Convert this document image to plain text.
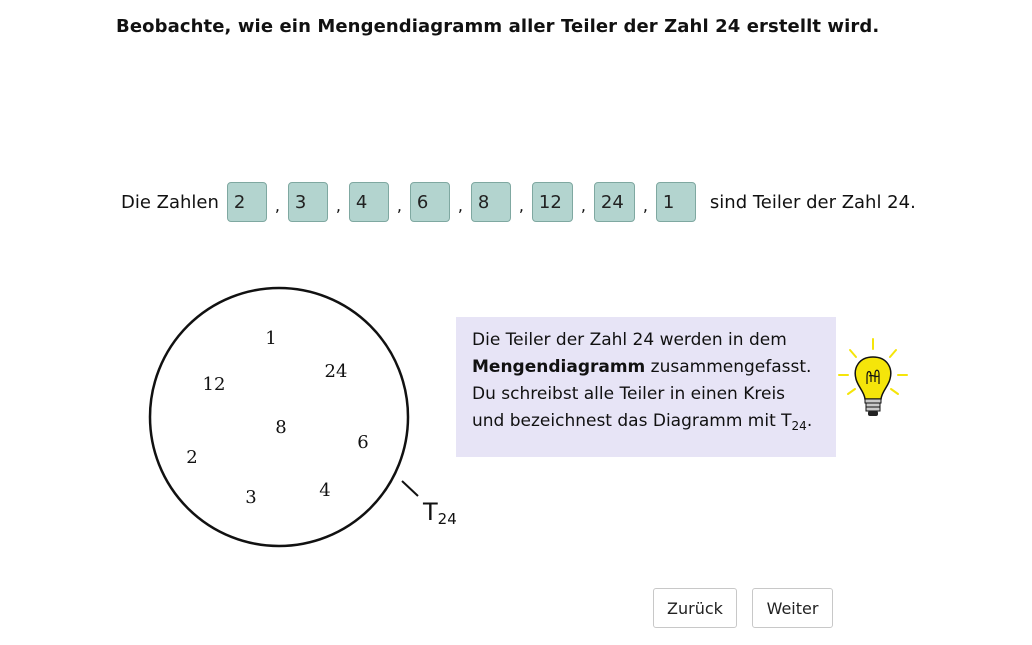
Beobachte, wie ein Mengendiagramm aller Teiler der Zahl 24 erstellt wird.
Die Zahlen 2	, 3	, 4	, 6	, 8	, 12	, 24	, 1	sind Teiler der Zahl 24.
1
24
12
8
6
2
4
3
T24
Die Teiler der Zahl 24 werden in dem
Mengendiagramm zusammengefasst.
Du schreibst alle Teiler in einen Kreis
und bezeichnest das Diagramm mit $T_{24}$.
Zurück	Weiter
